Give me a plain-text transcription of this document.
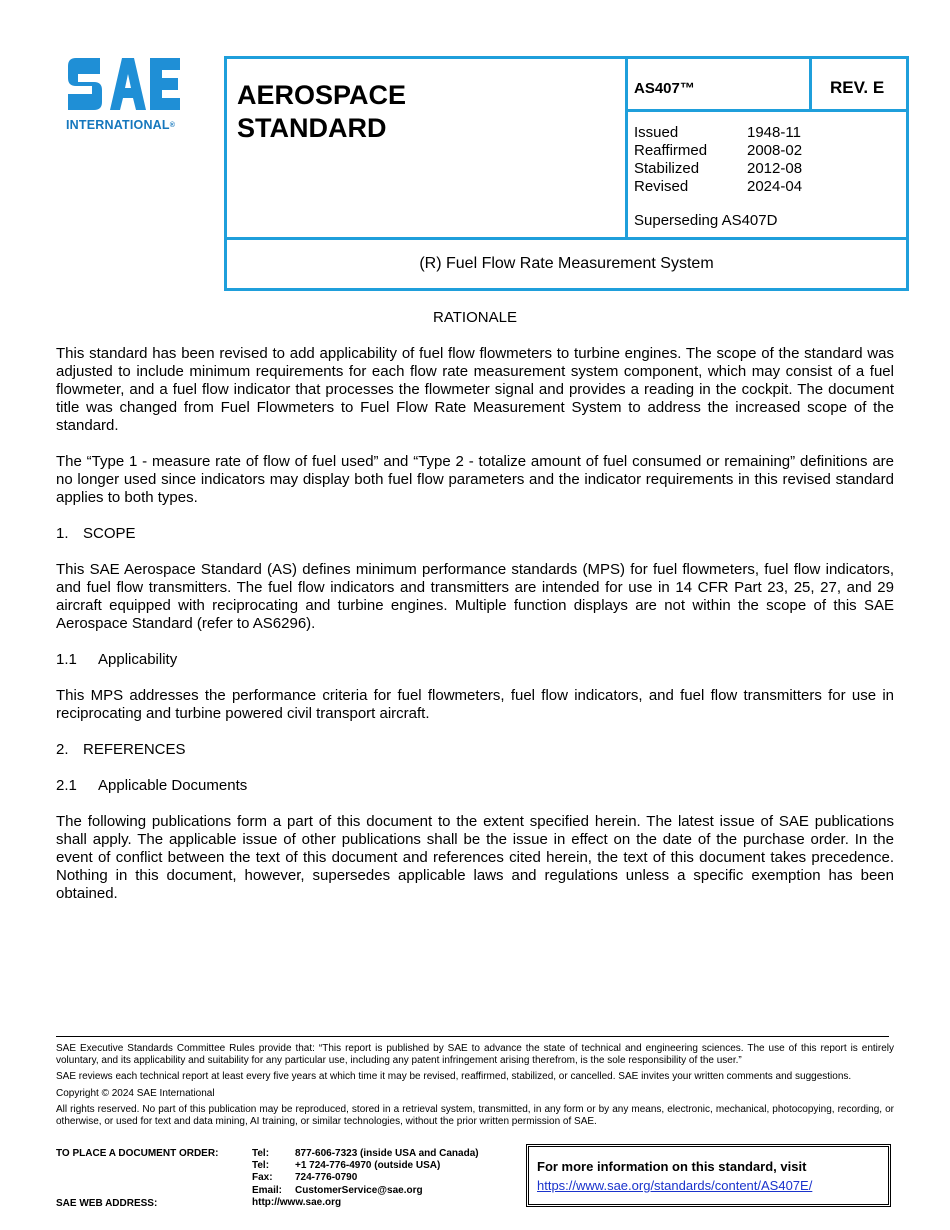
INTERNATIONAL®
AEROSPACE
STANDARD
AS407™	REV. E
Issued	1948-11
Reaffirmed	2008-02
Stabilized	2012-08
Revised	2024-04
Superseding AS407D
(R) Fuel Flow Rate Measurement System

RATIONALE

This standard has been revised to add applicability of fuel flow flowmeters to turbine engines. The scope of the standard was adjusted to include minimum requirements for each flow rate measurement system component, which may consist of a fuel flowmeter, and a fuel flow indicator that processes the flowmeter signal and provides a reading in the cockpit. The document title was changed from Fuel Flowmeters to Fuel Flow Rate Measurement System to address the increased scope of the standard.

The “Type 1 - measure rate of flow of fuel used” and “Type 2 - totalize amount of fuel consumed or remaining” definitions are no longer used since indicators may display both fuel flow parameters and the indicator requirements in this revised standard applies to both types.

1. SCOPE

This SAE Aerospace Standard (AS) defines minimum performance standards (MPS) for fuel flowmeters, fuel flow indicators, and fuel flow transmitters. The fuel flow indicators and transmitters are intended for use in 14 CFR Part 23, 25, 27, and 29 aircraft equipped with reciprocating and turbine engines. Multiple function displays are not within the scope of this SAE Aerospace Standard (refer to AS6296).

1.1	Applicability

This MPS addresses the performance criteria for fuel flowmeters, fuel flow indicators, and fuel flow transmitters for use in reciprocating and turbine powered civil transport aircraft.

2. REFERENCES
2.1	Applicable Documents

The following publications form a part of this document to the extent specified herein. The latest issue of SAE publications shall apply. The applicable issue of other publications shall be the issue in effect on the date of the purchase order. In the event of conflict between the text of this document and references cited herein, the text of this document takes precedence. Nothing in this document, however, supersedes applicable laws and regulations unless a specific exemption has been obtained.

SAE Executive Standards Committee Rules provide that: “This report is published by SAE to advance the state of technical and engineering sciences. The use of this report is entirely voluntary, and its applicability and suitability for any particular use, including any patent infringement arising therefrom, is the sole responsibility of the user.”

SAE reviews each technical report at least every five years at which time it may be revised, reaffirmed, stabilized, or cancelled. SAE invites your written comments and suggestions.

Copyright © 2024 SAE International

All rights reserved. No part of this publication may be reproduced, stored in a retrieval system, transmitted, in any form or by any means, electronic, mechanical, photocopying, recording, or otherwise, or used for text and data mining, AI training, or similar technologies, without the prior written permission of SAE.

TO PLACE A DOCUMENT ORDER:
SAE WEB ADDRESS:
Tel:	877-606-7323 (inside USA and Canada)
Tel:	+1 724-776-4970 (outside USA)
Fax:	724-776-0790
Email:	CustomerService@sae.org
http://www.sae.org
For more information on this standard, visit
https://www.sae.org/standards/content/AS407E/
